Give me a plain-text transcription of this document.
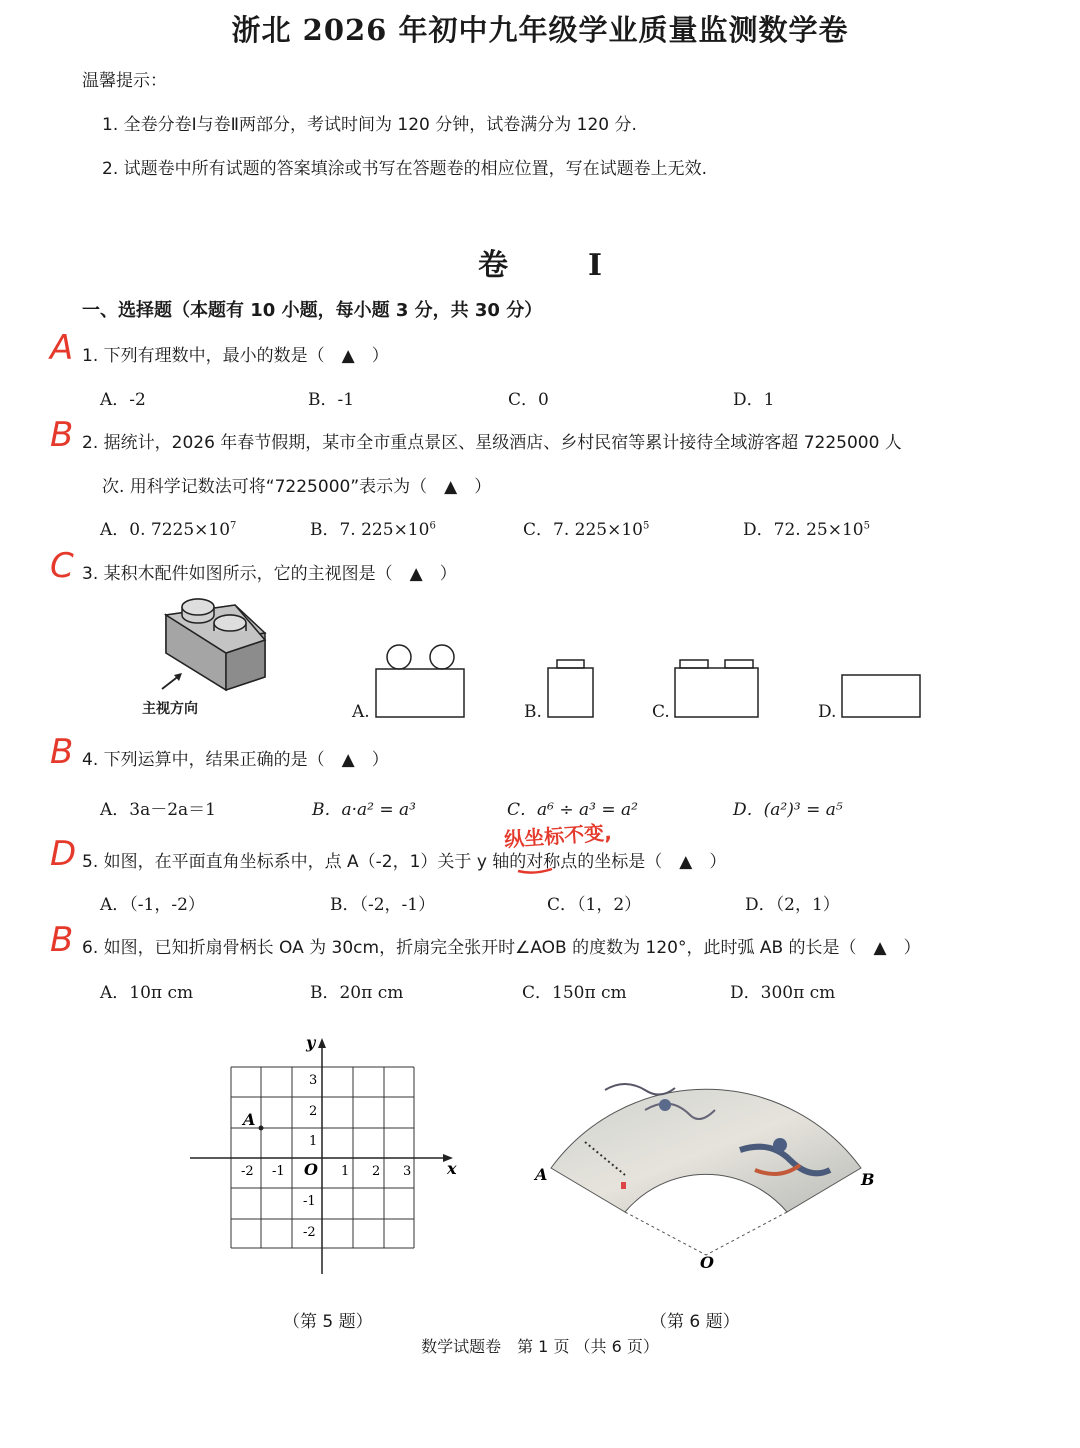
浙北 2026 年初中九年级学业质量监测数学卷
温馨提示：
1. 全卷分卷Ⅰ与卷Ⅱ两部分，考试时间为 120 分钟，试卷满分为 120 分.
2. 试题卷中所有试题的答案填涂或书写在答题卷的相应位置，写在试题卷上无效.
卷	I
一、选择题（本题有 10 小题，每小题 3 分，共 30 分）
A 1. 下列有理数中，最小的数是（　▲　）
A．-2	B．-1	C．0	D．1
B 2. 据统计，2026 年春节假期，某市全市重点景区、星级酒店、乡村民宿等累计接待全域游客超 7225000 人
次. 用科学记数法可将“7225000”表示为（　▲　）
A．0. $7225\times 10^7$	B．7. $225\times 10^6$	C．7. $225\times 10^5$	D．72. $25\times 10^5$
C 3. 某积木配件如图所示，它的主视图是（　▲　）
主视方向	A.	B.	C.	D.
B 4. 下列运算中，结果正确的是（　▲　）
A．3a－2a＝1	B．a·a² = a³	C．a⁶ ÷ a³ = a²	D．(a²)³ = a⁵
纵坐标不变,
D 5. 如图，在平面直角坐标系中，点 A（-2，1）关于 y 轴的对称点的坐标是（　▲　）
A．（-1，-2）	B．（-2，-1）	C．（1，2）	D．（2，1）
B 6. 如图，已知折扇骨柄长 OA 为 30cm，折扇完全张开时∠AOB 的度数为 120°，此时弧 AB 的长是（　▲　）
A．10π cm	B．20π cm	C．150π cm	D．300π cm
x
y
O
A
-2 -1	1 2 3
3
2
1
-1
-2
（第 5 题）
A	B
O
（第 6 题）
数学试题卷　第 1 页 （共 6 页）
